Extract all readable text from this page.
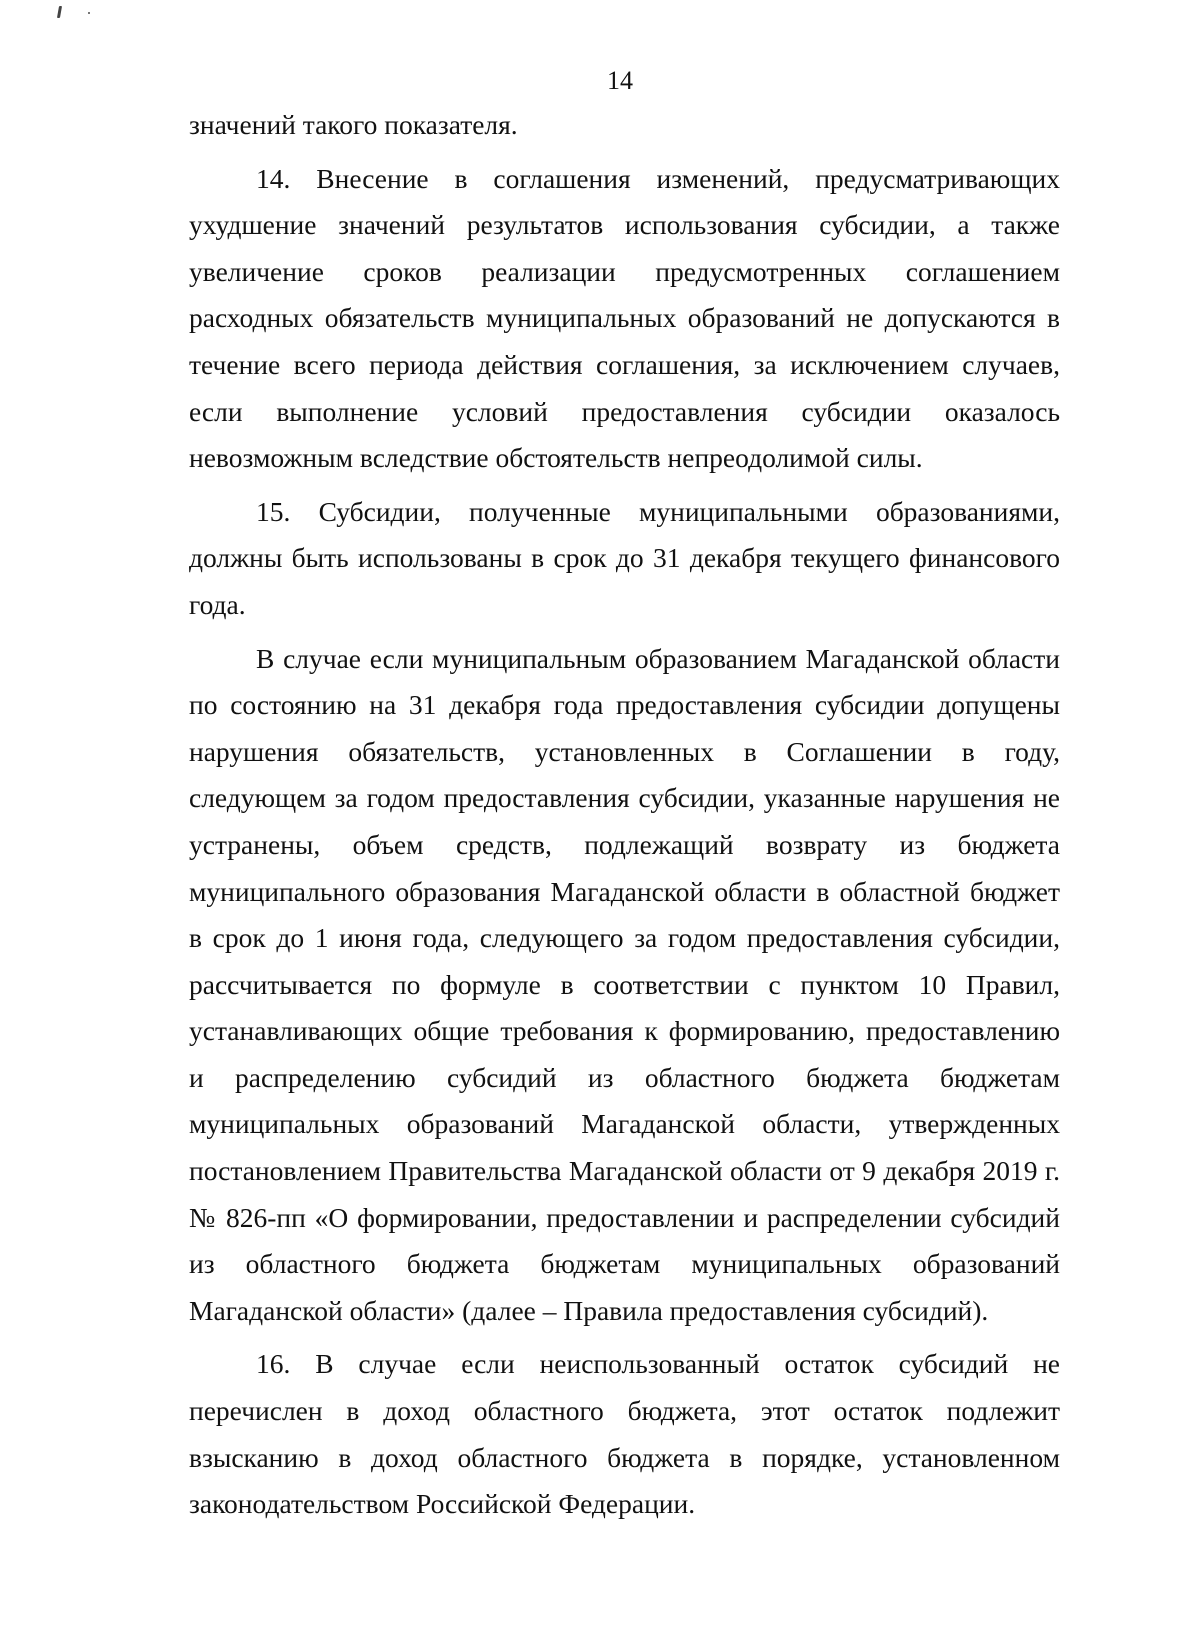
14

значений такого показателя.

14. Внесение в соглашения изменений, предусматривающих ухудшение значений результатов использования субсидии, а также увеличение сроков реализации предусмотренных соглашением расходных обязательств муниципальных образований не допускаются в течение всего периода действия соглашения, за исключением случаев, если выполнение условий предоставления субсидии оказалось невозможным вследствие обстоятельств непреодолимой силы.

15. Субсидии, полученные муниципальными образованиями, должны быть использованы в срок до 31 декабря текущего финансового года.

В случае если муниципальным образованием Магаданской области по состоянию на 31 декабря года предоставления субсидии допущены нарушения обязательств, установленных в Соглашении в году, следующем за годом предоставления субсидии, указанные нарушения не устранены, объем средств, подлежащий возврату из бюджета муниципального образования Магаданской области в областной бюджет в срок до 1 июня года, следующего за годом предоставления субсидии, рассчитывается по формуле в соответствии с пунктом 10 Правил, устанавливающих общие требования к формированию, предоставлению и распределению субсидий из областного бюджета бюджетам муниципальных образований Магаданской области, утвержденных постановлением Правительства Магаданской области от 9 декабря 2019 г. № 826-пп «О формировании, предоставлении и распределении субсидий из областного бюджета бюджетам муниципальных образований Магаданской области» (далее – Правила предоставления субсидий).

16. В случае если неиспользованный остаток субсидий не перечислен в доход областного бюджета, этот остаток подлежит взысканию в доход областного бюджета в порядке, установленном законодательством Российской Федерации.
